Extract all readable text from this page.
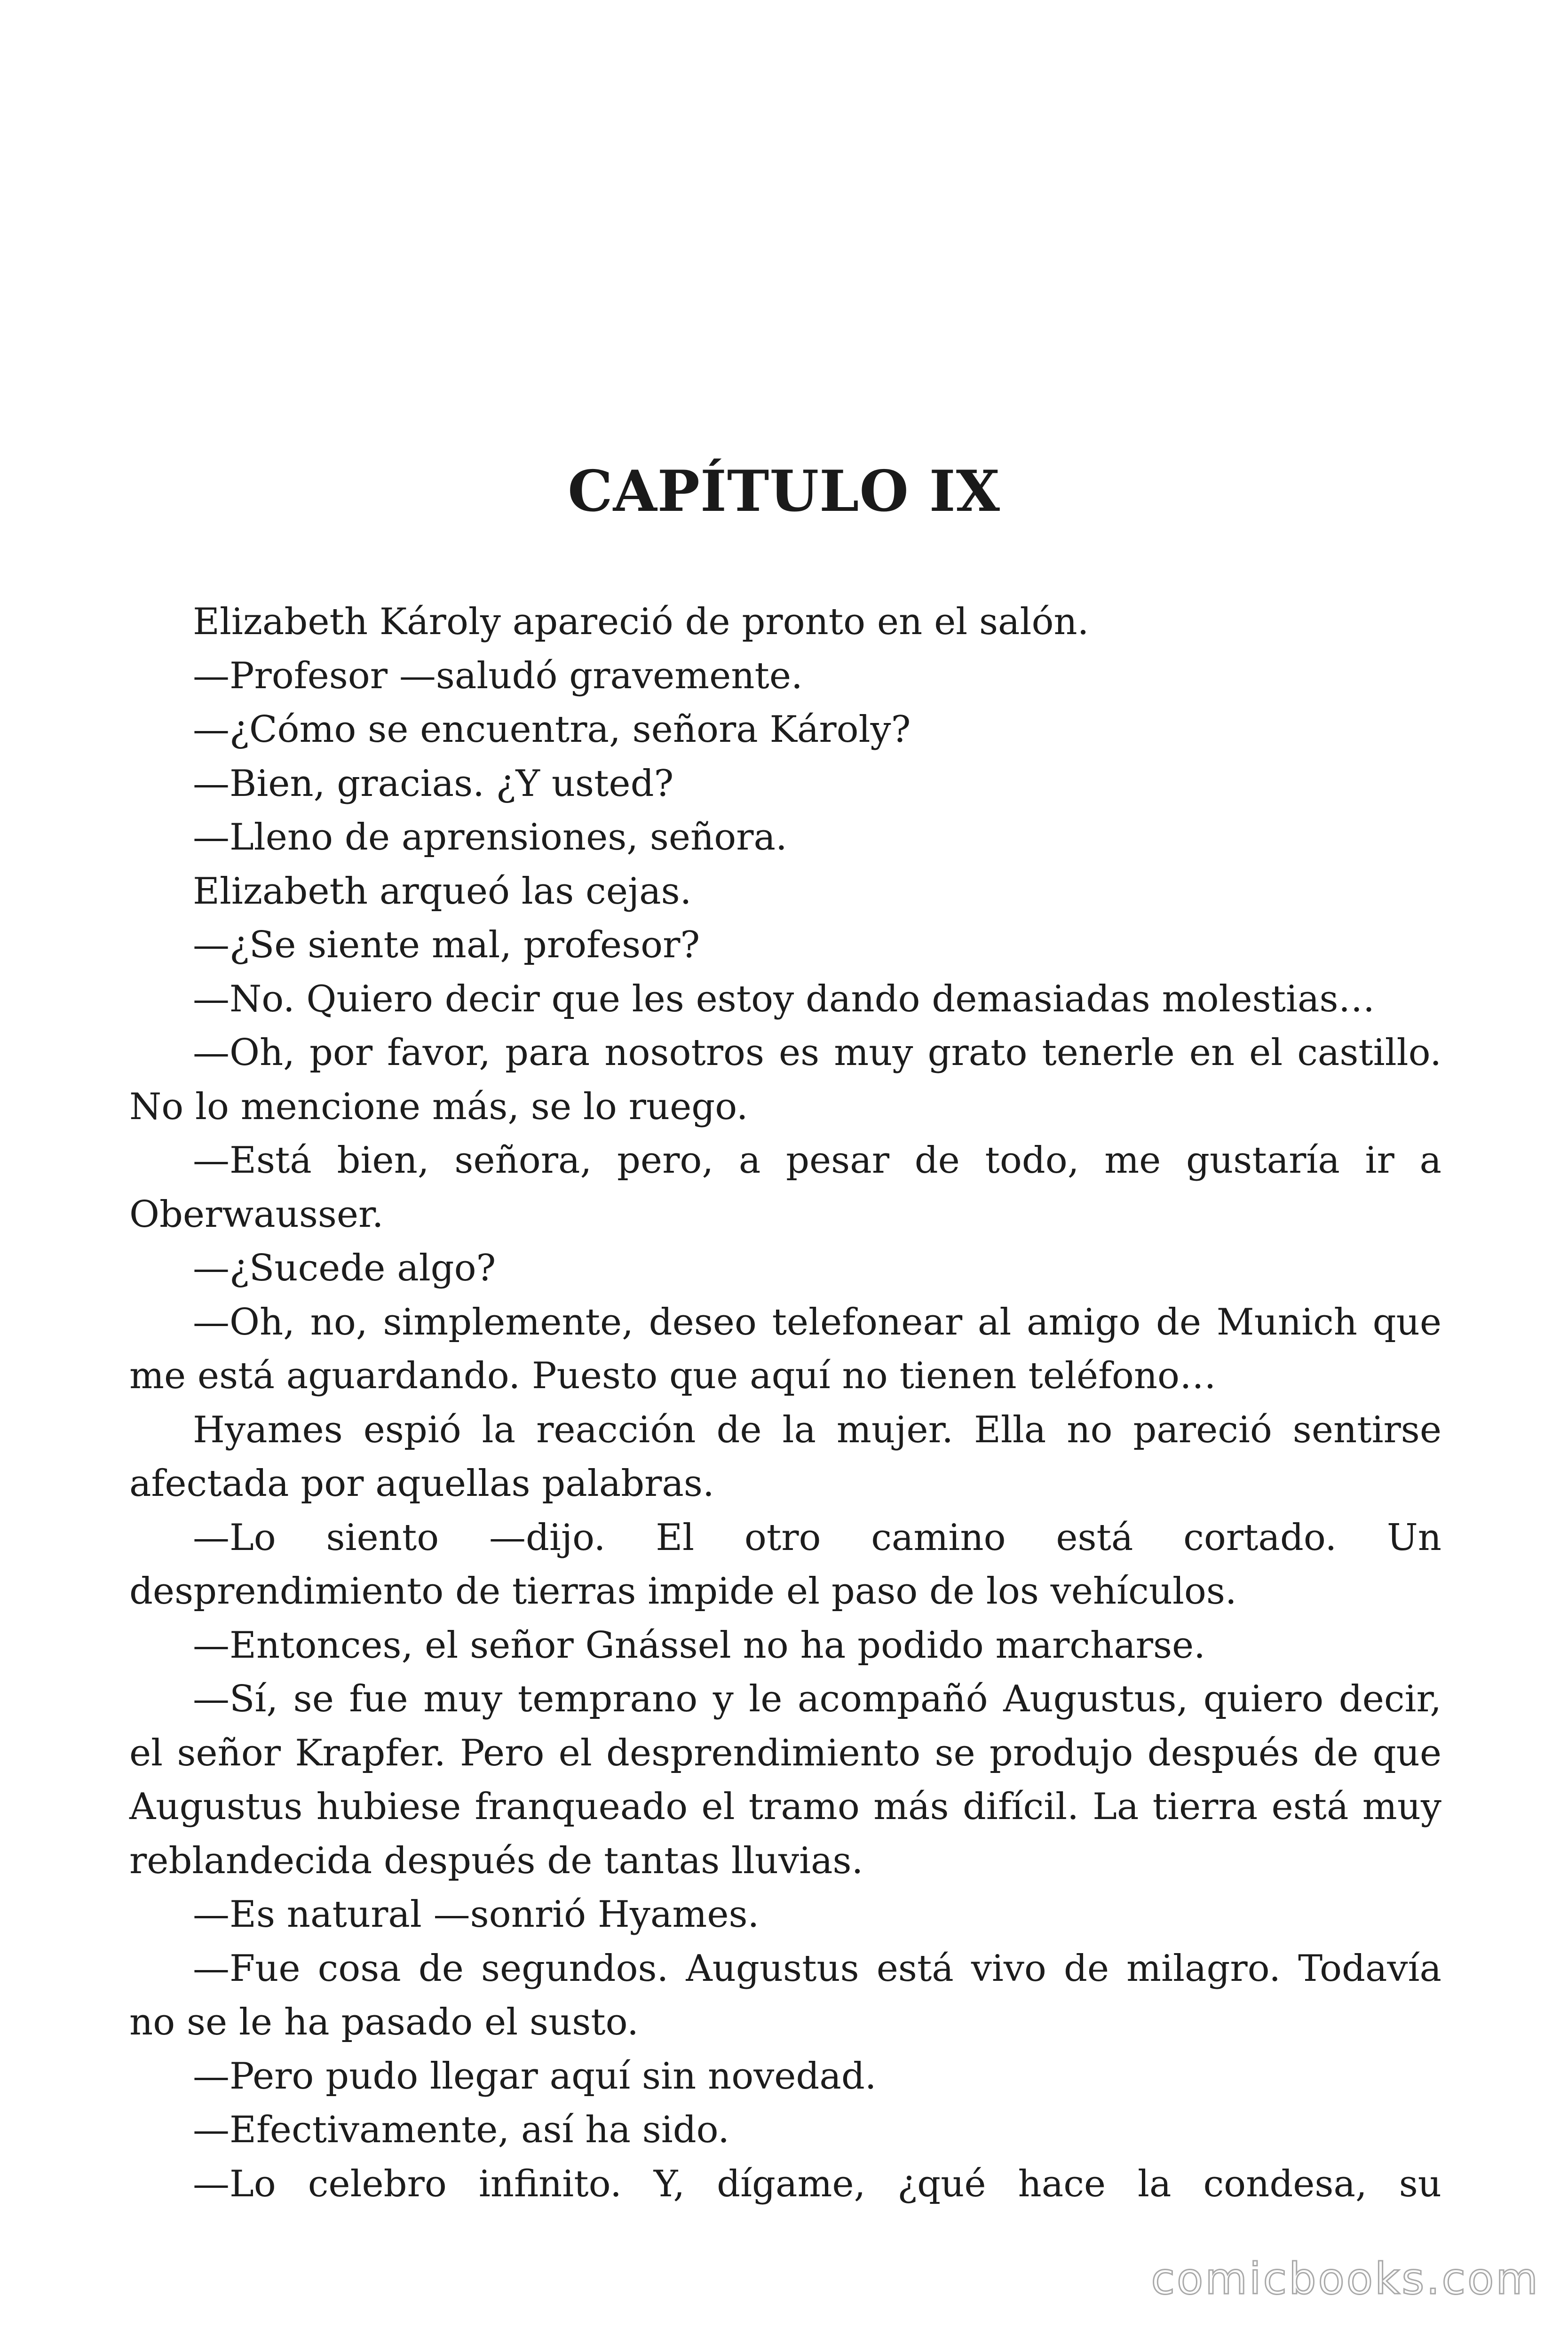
CAPÍTULO IX

Elizabeth Károly apareció de pronto en el salón.

—Profesor —saludó gravemente.

—¿Cómo se encuentra, señora Károly?

—Bien, gracias. ¿Y usted?

—Lleno de aprensiones, señora.

Elizabeth arqueó las cejas.

—¿Se siente mal, profesor?

—No. Quiero decir que les estoy dando demasiadas molestias…

—Oh, por favor, para nosotros es muy grato tenerle en el castillo. No lo mencione más, se lo ruego.

—Está bien, señora, pero, a pesar de todo, me gustaría ir a Oberwausser.

—¿Sucede algo?

—Oh, no, simplemente, deseo telefonear al amigo de Munich que me está aguardando. Puesto que aquí no tienen teléfono…

Hyames espió la reacción de la mujer. Ella no pareció sentirse afectada por aquellas palabras.

—Lo siento —dijo. El otro camino está cortado. Un desprendimiento de tierras impide el paso de los vehículos.

—Entonces, el señor Gnássel no ha podido marcharse.

—Sí, se fue muy temprano y le acompañó Augustus, quiero decir, el señor Krapfer. Pero el desprendimiento se produjo después de que Augustus hubiese franqueado el tramo más difícil. La tierra está muy reblandecida después de tantas lluvias.

—Es natural —sonrió Hyames.

—Fue cosa de segundos. Augustus está vivo de milagro. Todavía no se le ha pasado el susto.

—Pero pudo llegar aquí sin novedad.

—Efectivamente, así ha sido.

—Lo celebro infinito. Y, dígame, ¿qué hace la condesa, su

comicbooks.com
